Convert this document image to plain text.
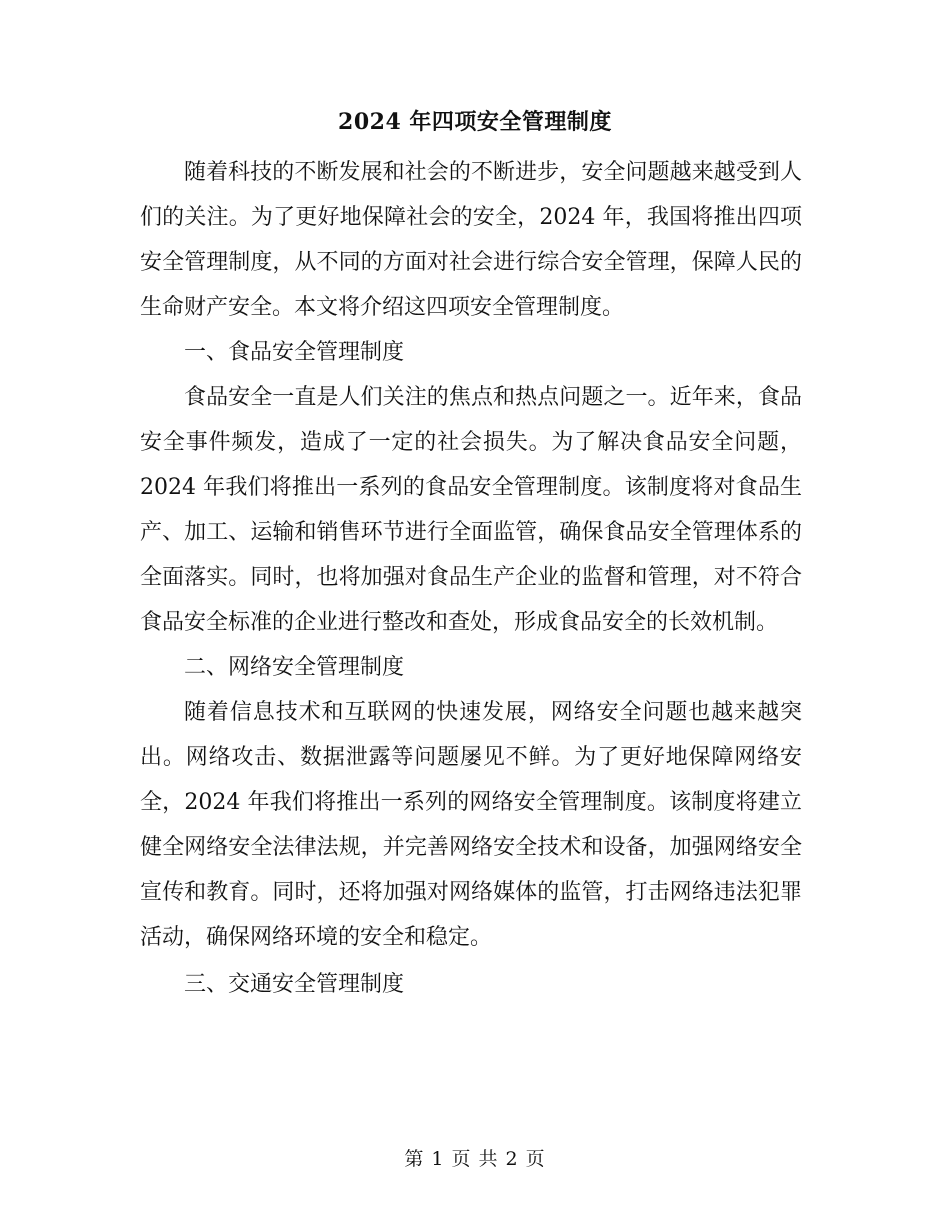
2024 年四项安全管理制度

随着科技的不断发展和社会的不断进步，安全问题越来越受到人们的关注。为了更好地保障社会的安全，2024 年，我国将推出四项安全管理制度，从不同的方面对社会进行综合安全管理，保障人民的生命财产安全。本文将介绍这四项安全管理制度。

一、食品安全管理制度

食品安全一直是人们关注的焦点和热点问题之一。近年来，食品安全事件频发，造成了一定的社会损失。为了解决食品安全问题，2024 年我们将推出一系列的食品安全管理制度。该制度将对食品生产、加工、运输和销售环节进行全面监管，确保食品安全管理体系的全面落实。同时，也将加强对食品生产企业的监督和管理，对不符合食品安全标准的企业进行整改和查处，形成食品安全的长效机制。

二、网络安全管理制度

随着信息技术和互联网的快速发展，网络安全问题也越来越突出。网络攻击、数据泄露等问题屡见不鲜。为了更好地保障网络安全，2024 年我们将推出一系列的网络安全管理制度。该制度将建立健全网络安全法律法规，并完善网络安全技术和设备，加强网络安全宣传和教育。同时，还将加强对网络媒体的监管，打击网络违法犯罪活动，确保网络环境的安全和稳定。

三、交通安全管理制度

第 1 页 共 2 页
